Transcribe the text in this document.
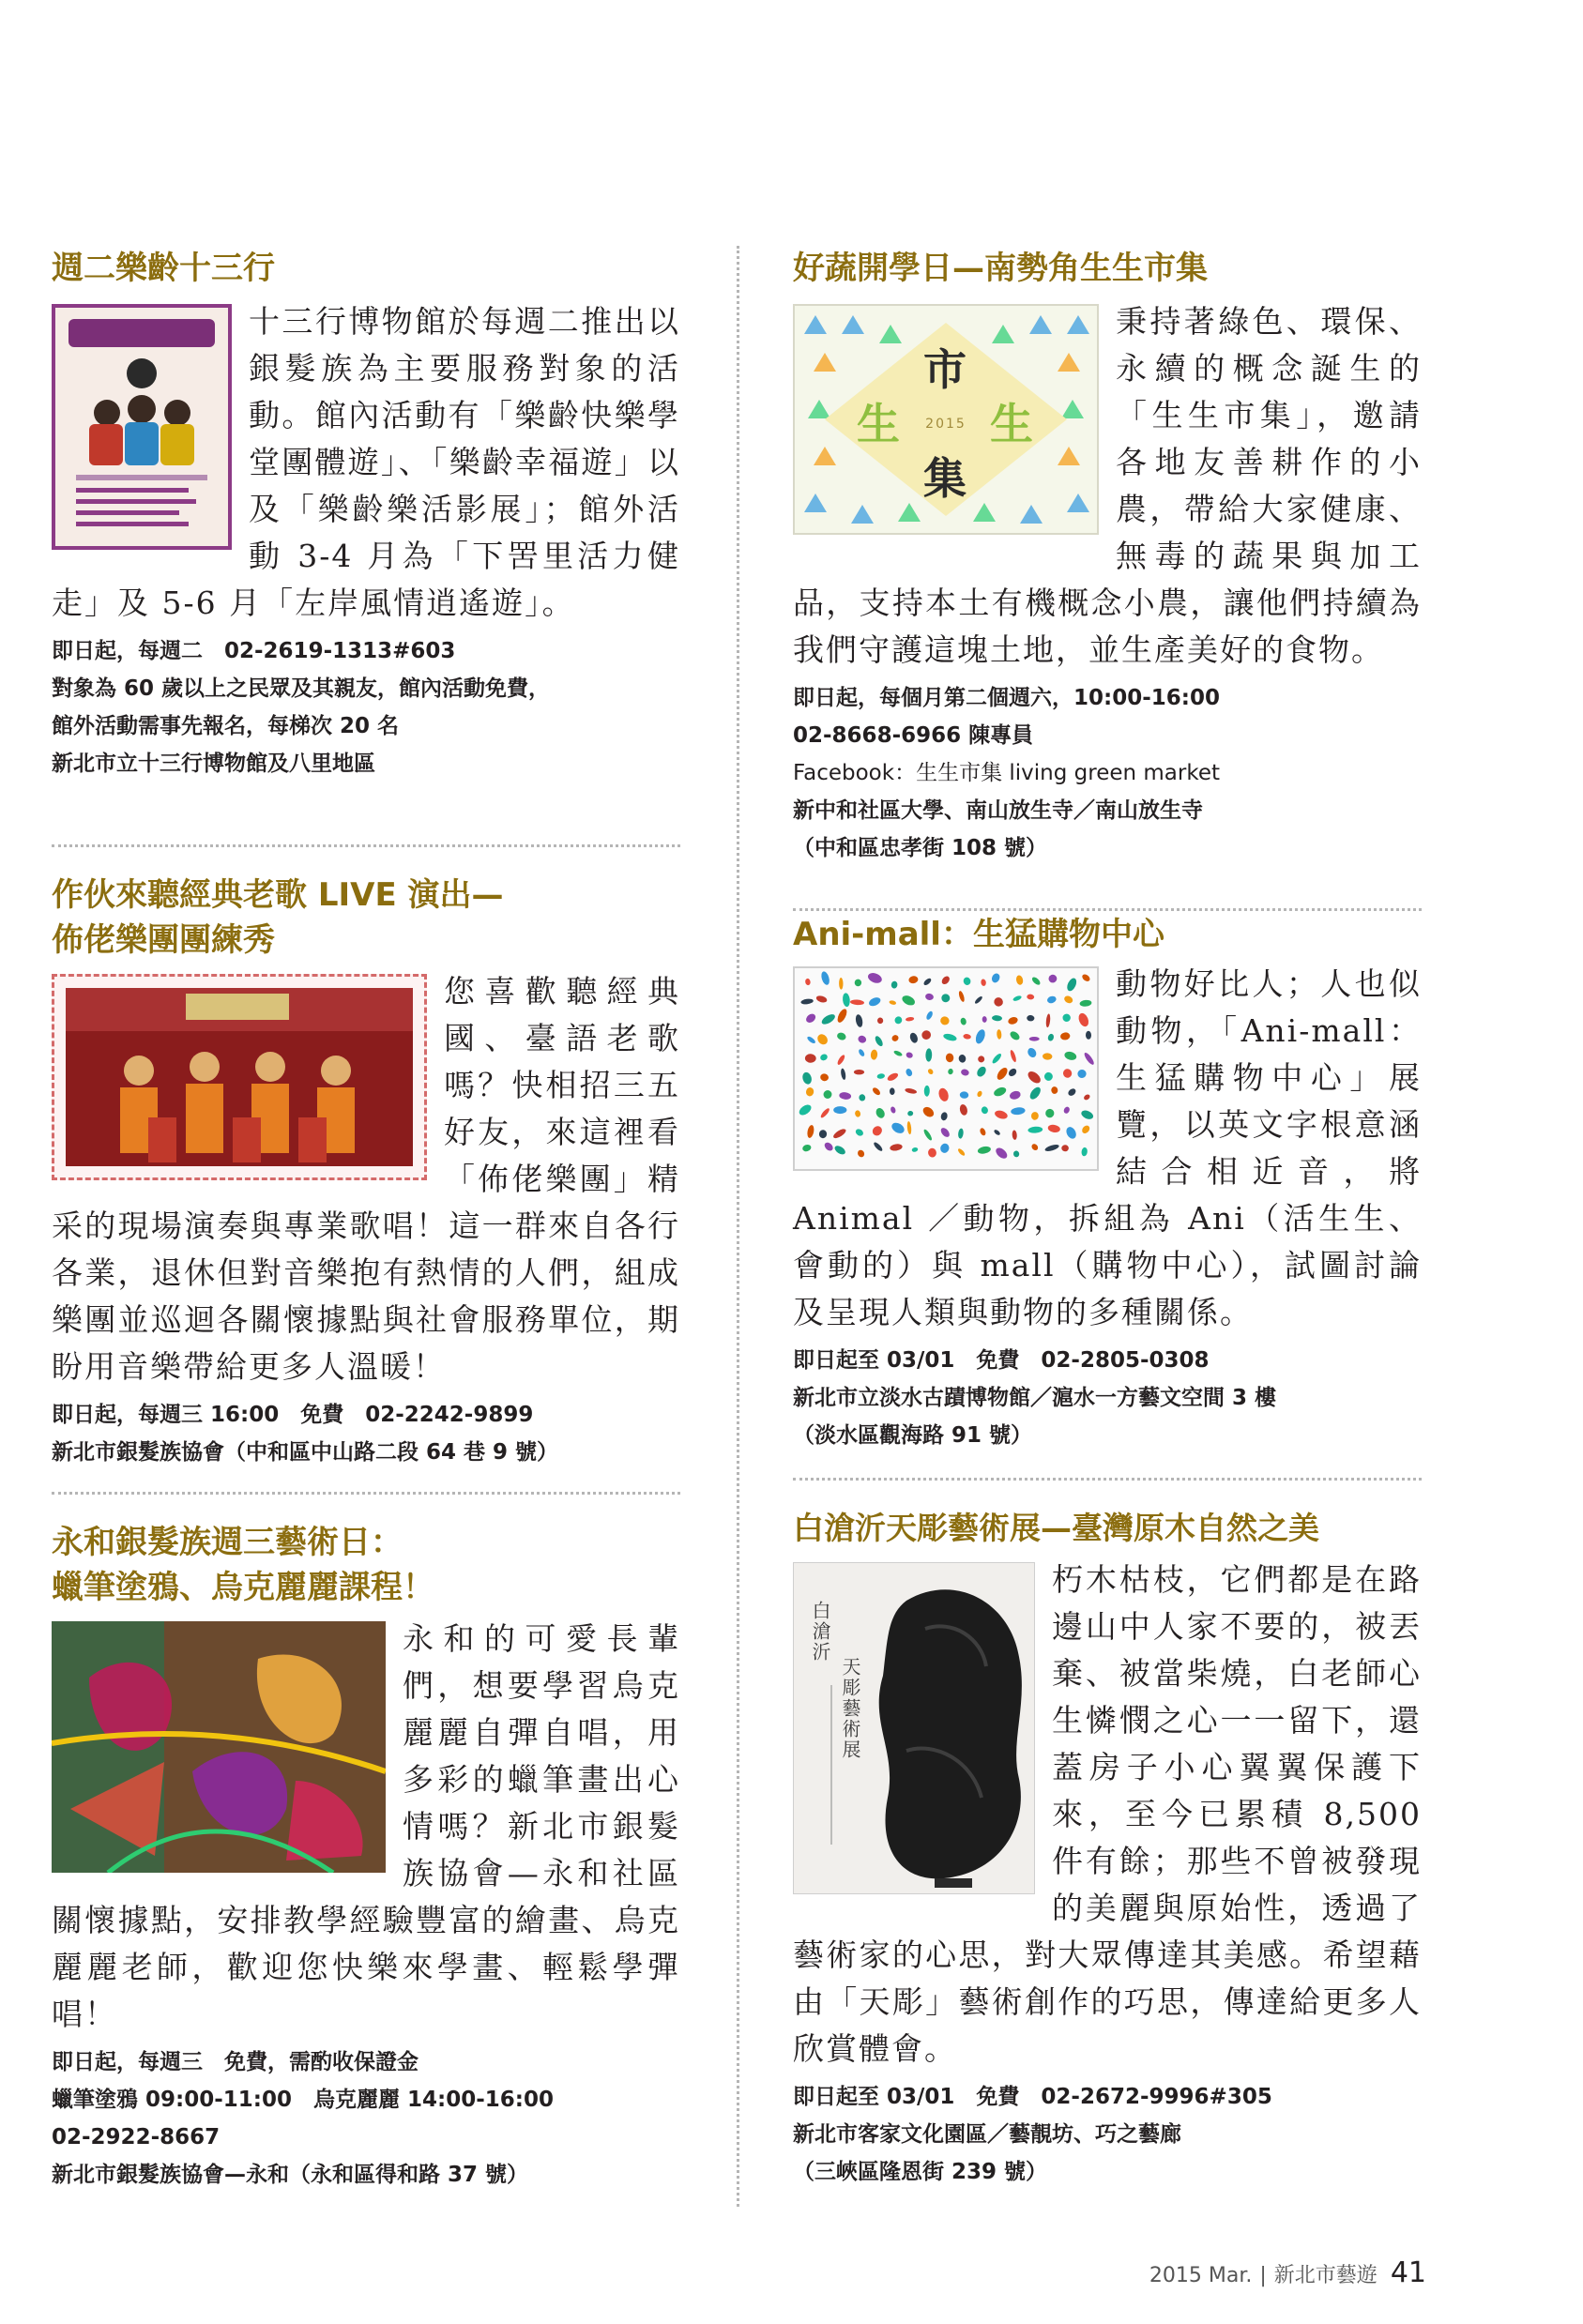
週二樂齡十三行
十三行博物館於每週二推出以銀髮族為主要服務對象的活動。館內活動有「樂齡快樂學堂團體遊」、「樂齡幸福遊」以及「樂齡樂活影展」；館外活動 3-4 月為「下罟里活力健走」及 5-6 月「左岸風情逍遙遊」。
即日起，每週二　02-2619-1313#603
對象為 60 歲以上之民眾及其親友，館內活動免費，
館外活動需事先報名，每梯次 20 名
新北市立十三行博物館及八里地區
作伙來聽經典老歌 LIVE 演出—
佈佬樂團團練秀
您喜歡聽經典國、臺語老歌嗎？快相招三五好友，來這裡看「佈佬樂團」精采的現場演奏與專業歌唱！這一群來自各行各業，退休但對音樂抱有熱情的人們，組成樂團並巡迴各關懷據點與社會服務單位，期盼用音樂帶給更多人溫暖！
即日起，每週三 16:00　免費　02-2242-9899
新北市銀髮族協會（中和區中山路二段 64 巷 9 號）
永和銀髮族週三藝術日：
蠟筆塗鴉、烏克麗麗課程！
永和的可愛長輩們，想要學習烏克麗麗自彈自唱，用多彩的蠟筆畫出心情嗎？新北市銀髮族協會—永和社區關懷據點，安排教學經驗豐富的繪畫、烏克麗麗老師，歡迎您快樂來學畫、輕鬆學彈唱！
即日起，每週三　免費，需酌收保證金
蠟筆塗鴉 09:00-11:00　烏克麗麗 14:00-16:00
02-2922-8667
新北市銀髮族協會—永和（永和區得和路 37 號）
好蔬開學日—南勢角生生市集
市
生 2015 生
集
秉持著綠色、環保、永續的概念誕生的「生生市集」，邀請各地友善耕作的小農，帶給大家健康、無毒的蔬果與加工品，支持本土有機概念小農，讓他們持續為我們守護這塊土地，並生產美好的食物。
即日起，每個月第二個週六，10:00-16:00
02-8668-6966 陳專員
Facebook：生生市集 living green market
新中和社區大學、南山放生寺／南山放生寺
（中和區忠孝街 108 號）
Ani-mall：生猛購物中心
動物好比人；人也似動物，「Ani-mall：生猛購物中心」展覽，以英文字根意涵結合相近音，將 Animal ／動物，拆組為 Ani（活生生、會動的）與 mall（購物中心），試圖討論及呈現人類與動物的多種關係。
即日起至 03/01　免費　02-2805-0308
新北市立淡水古蹟博物館／滬水一方藝文空間 3 樓
（淡水區觀海路 91 號）
白滄沂天彫藝術展—臺灣原木自然之美
白滄沂
天彫藝術展
朽木枯枝，它們都是在路邊山中人家不要的，被丟棄、被當柴燒，白老師心生憐憫之心一一留下，還蓋房子小心翼翼保護下來，至今已累積 8,500 件有餘；那些不曾被發現的美麗與原始性，透過了藝術家的心思，對大眾傳達其美感。希望藉由「天彫」藝術創作的巧思，傳達給更多人欣賞體會。
即日起至 03/01　免費　02-2672-9996#305
新北市客家文化園區／藝靚坊、巧之藝廊
（三峽區隆恩街 239 號）
2015 Mar. | 新北市藝遊 41
